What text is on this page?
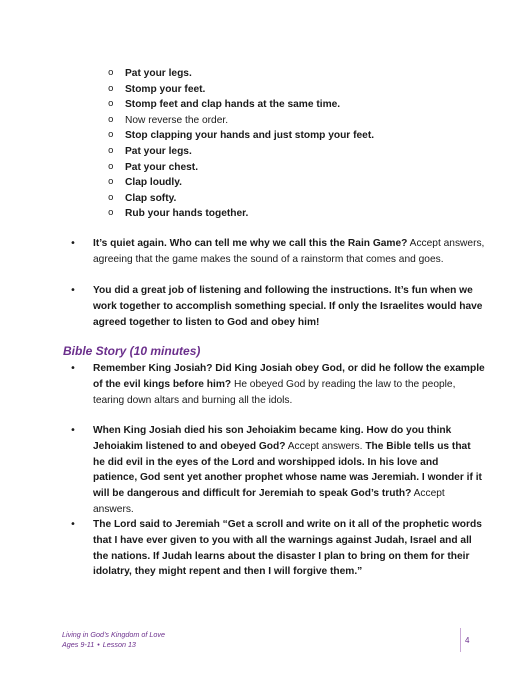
o Pat your legs.
o Stomp your feet.
o Stomp feet and clap hands at the same time.
o Now reverse the order.
o Stop clapping your hands and just stomp your feet.
o Pat your legs.
o Pat your chest.
o Clap loudly.
o Clap softy.
o Rub your hands together.
• It’s quiet again. Who can tell me why we call this the Rain Game? Accept answers, agreeing that the game makes the sound of a rainstorm that comes and goes.
• You did a great job of listening and following the instructions. It’s fun when we work together to accomplish something special. If only the Israelites would have agreed together to listen to God and obey him!
Bible Story (10 minutes)
• Remember King Josiah? Did King Josiah obey God, or did he follow the example of the evil kings before him? He obeyed God by reading the law to the people, tearing down altars and burning all the idols.
• When King Josiah died his son Jehoiakim became king. How do you think Jehoiakim listened to and obeyed God? Accept answers. The Bible tells us that he did evil in the eyes of the Lord and worshipped idols. In his love and patience, God sent yet another prophet whose name was Jeremiah. I wonder if it will be dangerous and difficult for Jeremiah to speak God’s truth? Accept answers.
• The Lord said to Jeremiah “Get a scroll and write on it all of the prophetic words that I have ever given to you with all the warnings against Judah, Israel and all the nations. If Judah learns about the disaster I plan to bring on them for their idolatry, they might repent and then I will forgive them.”
Living in God’s Kingdom of Love
Ages 9-11 • Lesson 13	4
